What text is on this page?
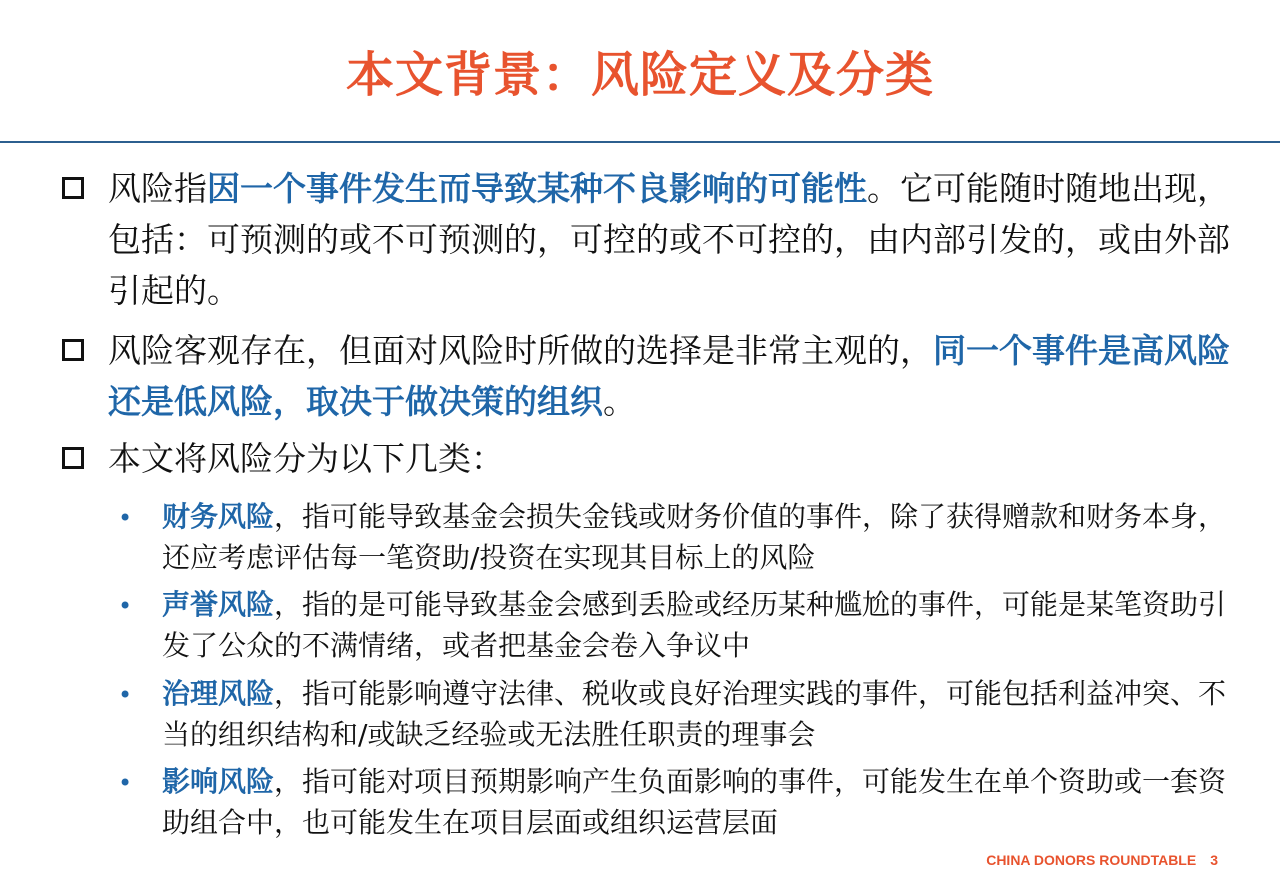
本文背景：风险定义及分类
风险指因一个事件发生而导致某种不良影响的可能性。它可能随时随地出现，包括：可预测的或不可预测的，可控的或不可控的，由内部引发的，或由外部引起的。
风险客观存在，但面对风险时所做的选择是非常主观的，同一个事件是高风险还是低风险，取决于做决策的组织。
本文将风险分为以下几类：
• 财务风险，指可能导致基金会损失金钱或财务价值的事件，除了获得赠款和财务本身，还应考虑评估每一笔资助/投资在实现其目标上的风险
• 声誉风险，指的是可能导致基金会感到丢脸或经历某种尴尬的事件，可能是某笔资助引发了公众的不满情绪，或者把基金会卷入争议中
• 治理风险，指可能影响遵守法律、税收或良好治理实践的事件，可能包括利益冲突、不当的组织结构和/或缺乏经验或无法胜任职责的理事会
• 影响风险，指可能对项目预期影响产生负面影响的事件，可能发生在单个资助或一套资助组合中，也可能发生在项目层面或组织运营层面
CHINA DONORS ROUNDTABLE 3
